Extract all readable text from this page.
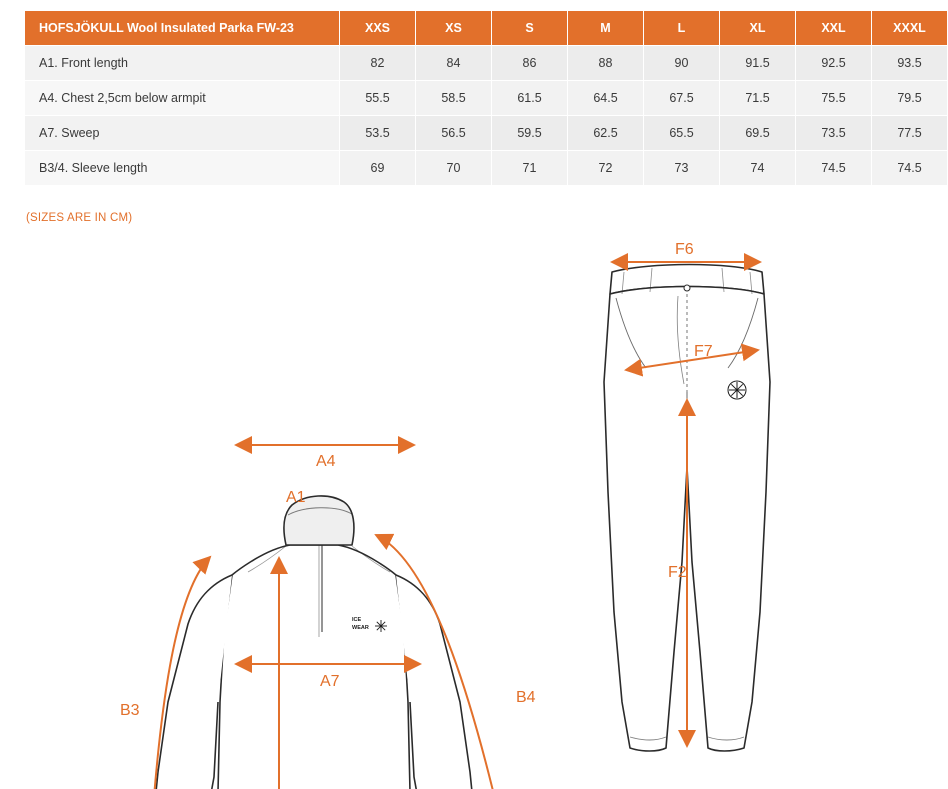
HOFSJÖKULL Wool Insulated Parka FW-23	XXS	XS	S	M	L	XL	XXL	XXXL
A1. Front length	82	84	86	88	90	91.5	92.5	93.5
A4. Chest 2,5cm below armpit	55.5	58.5	61.5	64.5	67.5	71.5	75.5	79.5
A7. Sweep	53.5	56.5	59.5	62.5	65.5	69.5	73.5	77.5
B3/4. Sleeve length	69	70	71	72	73	74	74.5	74.5
(SIZES ARE IN CM)
ICE
WEAR
B3
B4
A1
A4
A7
F6
F7
F2
